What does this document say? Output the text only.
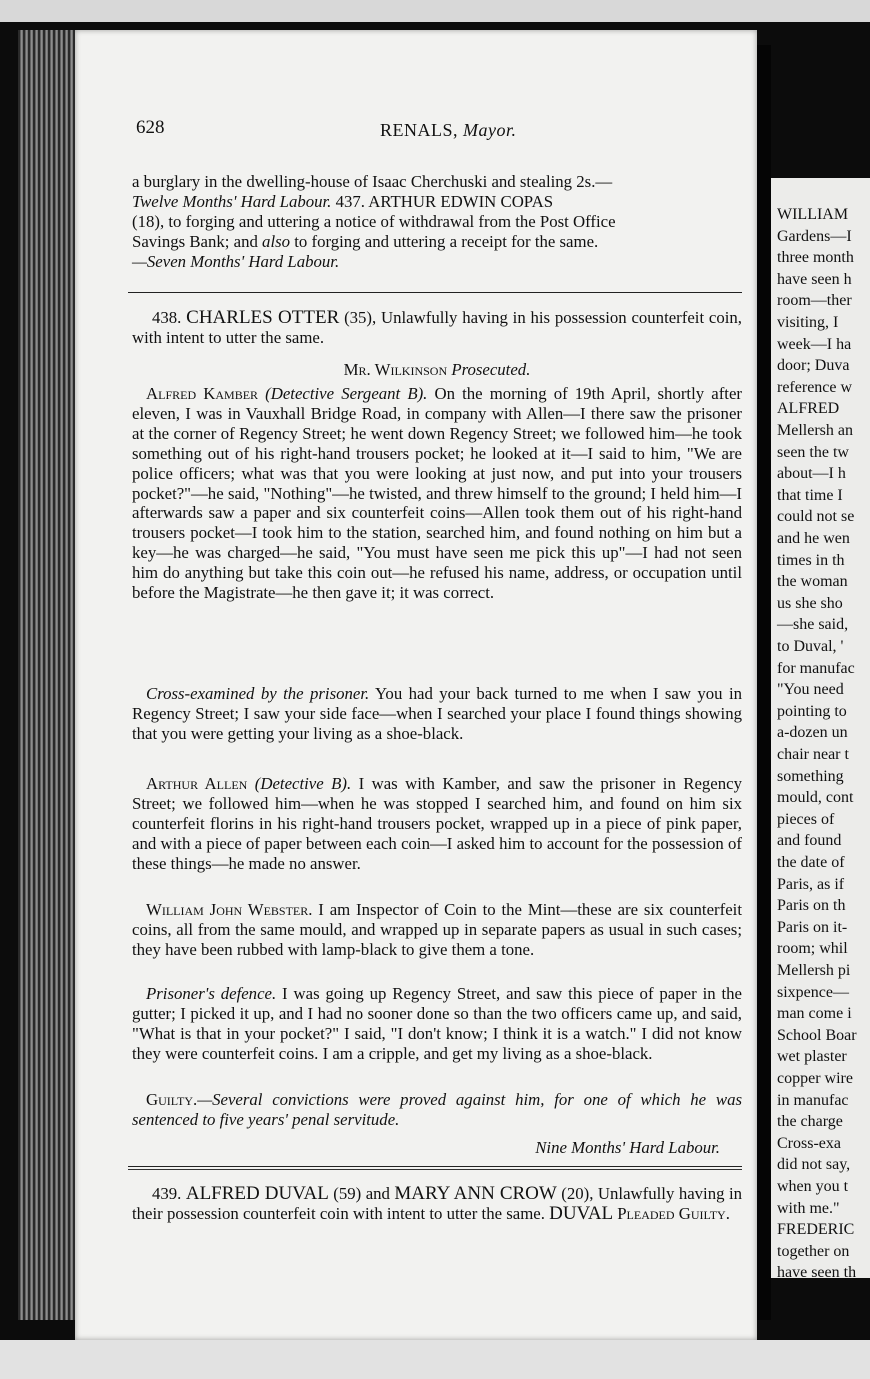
WILLIAM
Gardens—I
three month
have seen h
room—ther
visiting, I
week—I ha
door; Duva
reference w
ALFRED
Mellersh an
seen the tw
about—I h
that time I
could not se
and he wen
times in th
the woman
us she sho
—she said,
to Duval, '
for manufac
"You need
pointing to
a-dozen un
chair near t
something
mould, cont
pieces of
and found
the date of
Paris, as if
Paris on th
Paris on it-
room; whil
Mellersh pi
sixpence—
man come i
School Boar
wet plaster
copper wire
in manufac
the charge
Cross-exa
did not say,
when you t
with me."
FREDERIC
together on
have seen th
628	RENALS, Mayor.
a burglary in the dwelling-house of Isaac Cherchuski and stealing 2s.—
Twelve Months' Hard Labour. 437. ARTHUR EDWIN COPAS
(18), to forging and uttering a notice of withdrawal from the Post Office
Savings Bank; and also to forging and uttering a receipt for the same.
—Seven Months' Hard Labour.

438. CHARLES OTTER (35), Unlawfully having in his possession counterfeit coin, with intent to utter the same.

Mr. Wilkinson Prosecuted.

Alfred Kamber (Detective Sergeant B). On the morning of 19th April, shortly after eleven, I was in Vauxhall Bridge Road, in company with Allen—I there saw the prisoner at the corner of Regency Street; he went down Regency Street; we followed him—he took something out of his right-hand trousers pocket; he looked at it—I said to him, "We are police officers; what was that you were looking at just now, and put into your trousers pocket?"—he said, "Nothing"—he twisted, and threw himself to the ground; I held him—I afterwards saw a paper and six counterfeit coins—Allen took them out of his right-hand trousers pocket—I took him to the station, searched him, and found nothing on him but a key—he was charged—he said, "You must have seen me pick this up"—I had not seen him do anything but take this coin out—he refused his name, address, or occupation until before the Magistrate—he then gave it; it was correct.

Cross-examined by the prisoner. You had your back turned to me when I saw you in Regency Street; I saw your side face—when I searched your place I found things showing that you were getting your living as a shoe-black.

Arthur Allen (Detective B). I was with Kamber, and saw the prisoner in Regency Street; we followed him—when he was stopped I searched him, and found on him six counterfeit florins in his right-hand trousers pocket, wrapped up in a piece of pink paper, and with a piece of paper between each coin—I asked him to account for the possession of these things—he made no answer.

William John Webster. I am Inspector of Coin to the Mint—these are six counterfeit coins, all from the same mould, and wrapped up in separate papers as usual in such cases; they have been rubbed with lamp-black to give them a tone.

Prisoner's defence. I was going up Regency Street, and saw this piece of paper in the gutter; I picked it up, and I had no sooner done so than the two officers came up, and said, "What is that in your pocket?" I said, "I don't know; I think it is a watch." I did not know they were counterfeit coins. I am a cripple, and get my living as a shoe-black.

Guilty.—Several convictions were proved against him, for one of which he was sentenced to five years' penal servitude.

Nine Months' Hard Labour.

439. ALFRED DUVAL (59) and MARY ANN CROW (20), Unlawfully having in their possession counterfeit coin with intent to utter the same. DUVAL Pleaded Guilty.
